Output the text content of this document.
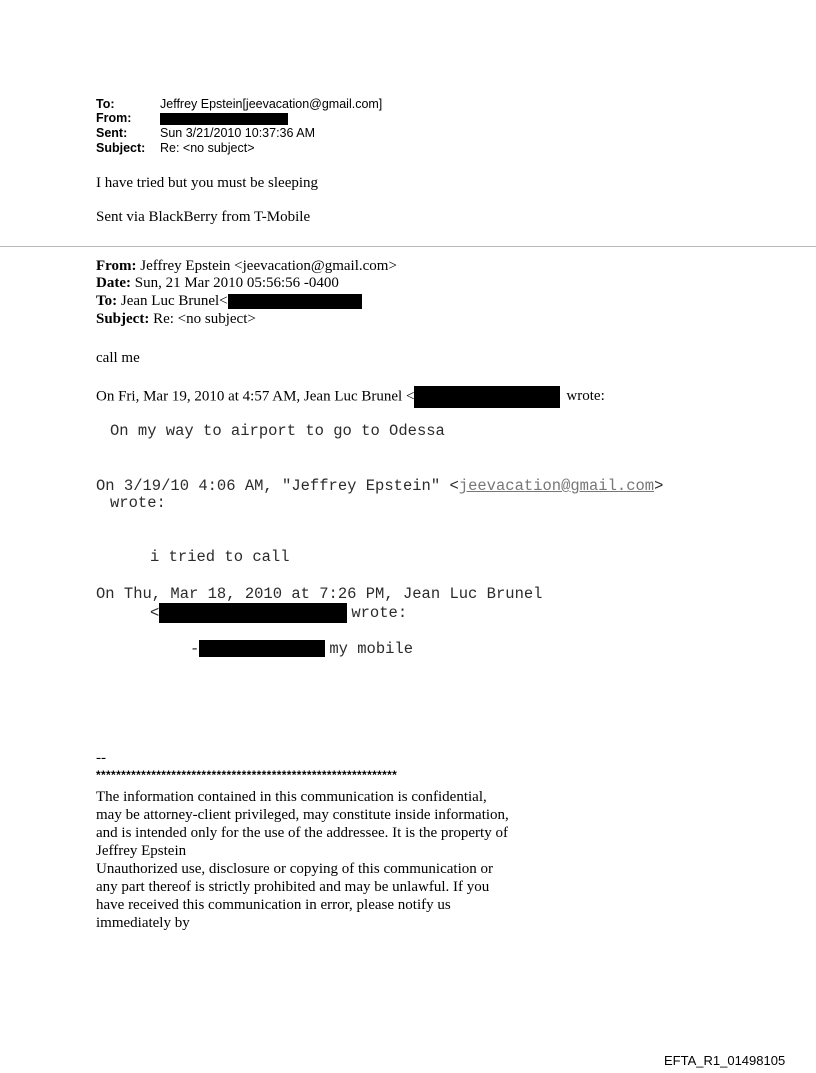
To:	Jeffrey Epstein[jeevacation@gmail.com]
From:
Sent:	Sun 3/21/2010 10:37:36 AM
Subject: Re: <no subject>
I have tried but you must be sleeping
Sent via BlackBerry from T-Mobile
From: Jeffrey Epstein <jeevacation@gmail.com>
Date: Sun, 21 Mar 2010 05:56:56 -0400
To: Jean Luc Brunel<
Subject: Re: <no subject>
call me
On Fri, Mar 19, 2010 at 4:57 AM, Jean Luc Brunel <	wrote:
On my way to airport to go to Odessa
On 3/19/10 4:06 AM, "Jeffrey Epstein" <jeevacation@gmail.com>
wrote:
i tried to call
On Thu, Mar 18, 2010 at 7:26 PM, Jean Luc Brunel
<	wrote:
-	my mobile
--
************************************************************

The information contained in this communication is confidential, may be attorney-client privileged, may constitute inside information, and is intended only for the use of the addressee. It is the property of

Jeffrey Epstein

Unauthorized use, disclosure or copying of this communication or any part thereof is strictly prohibited and may be unlawful. If you have received this communication in error, please notify us immediately by

EFTA_R1_01498105
